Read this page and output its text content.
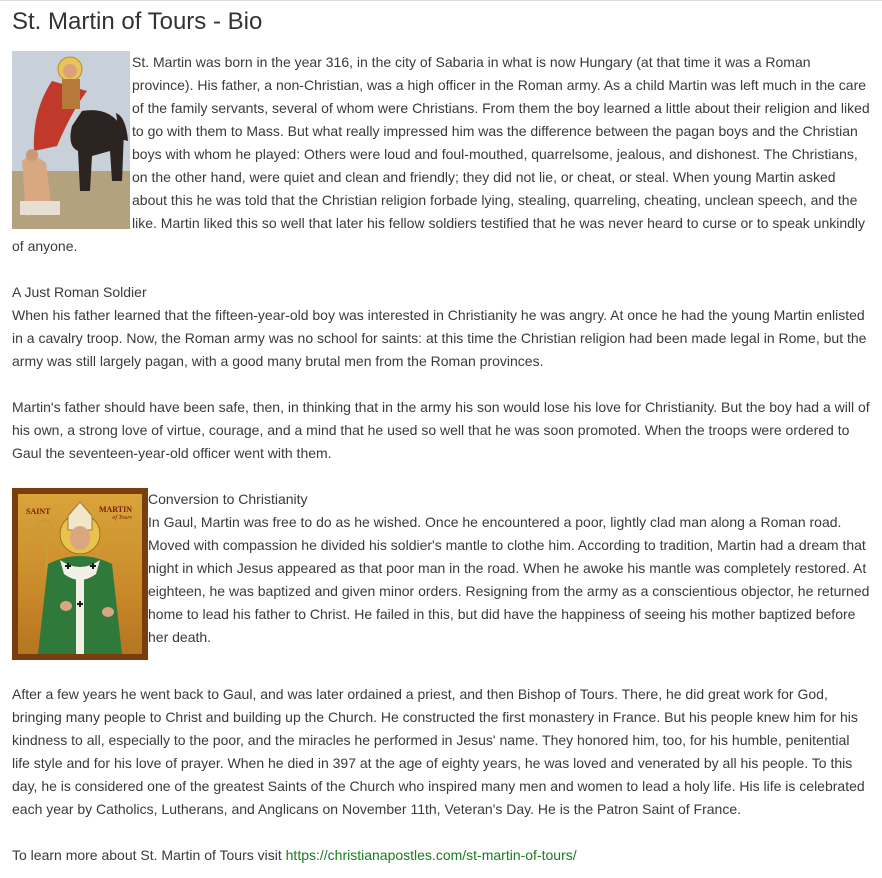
St. Martin of Tours - Bio

St. Martin was born in the year 316, in the city of Sabaria in what is now Hungary (at that time it was a Roman province). His father, a non-Christian, was a high officer in the Roman army. As a child Martin was left much in the care of the family servants, several of whom were Christians. From them the boy learned a little about their religion and liked to go with them to Mass. But what really impressed him was the difference between the pagan boys and the Christian boys with whom he played: Others were loud and foul-mouthed, quarrelsome, jealous, and dishonest. The Christians, on the other hand, were quiet and clean and friendly; they did not lie, or cheat, or steal. When young Martin asked about this he was told that the Christian religion forbade lying, stealing, quarreling, cheating, unclean speech, and the like. Martin liked this so well that later his fellow soldiers testified that he was never heard to curse or to speak unkindly of anyone.

A Just Roman Soldier

When his father learned that the fifteen-year-old boy was interested in Christianity he was angry. At once he had the young Martin enlisted in a cavalry troop. Now, the Roman army was no school for saints: at this time the Christian religion had been made legal in Rome, but the army was still largely pagan, with a good many brutal men from the Roman provinces.

Martin's father should have been safe, then, in thinking that in the army his son would lose his love for Christianity. But the boy had a will of his own, a strong love of virtue, courage, and a mind that he used so well that he was soon promoted. When the troops were ordered to Gaul the seventeen-year-old officer went with them.

SAINT	MARTIN
of Tours

Conversion to Christianity

In Gaul, Martin was free to do as he wished. Once he encountered a poor, lightly clad man along a Roman road. Moved with compassion he divided his soldier's mantle to clothe him. According to tradition, Martin had a dream that night in which Jesus appeared as that poor man in the road. When he awoke his mantle was completely restored. At eighteen, he was baptized and given minor orders. Resigning from the army as a conscientious objector, he returned home to lead his father to Christ. He failed in this, but did have the happiness of seeing his mother baptized before her death.

After a few years he went back to Gaul, and was later ordained a priest, and then Bishop of Tours. There, he did great work for God, bringing many people to Christ and building up the Church. He constructed the first monastery in France. But his people knew him for his kindness to all, especially to the poor, and the miracles he performed in Jesus' name. They honored him, too, for his humble, penitential life style and for his love of prayer. When he died in 397 at the age of eighty years, he was loved and venerated by all his people. To this day, he is considered one of the greatest Saints of the Church who inspired many men and women to lead a holy life. His life is celebrated each year by Catholics, Lutherans, and Anglicans on November 11th, Veteran's Day. He is the Patron Saint of France.

To learn more about St. Martin of Tours visit https://christianapostles.com/st-martin-of-tours/
